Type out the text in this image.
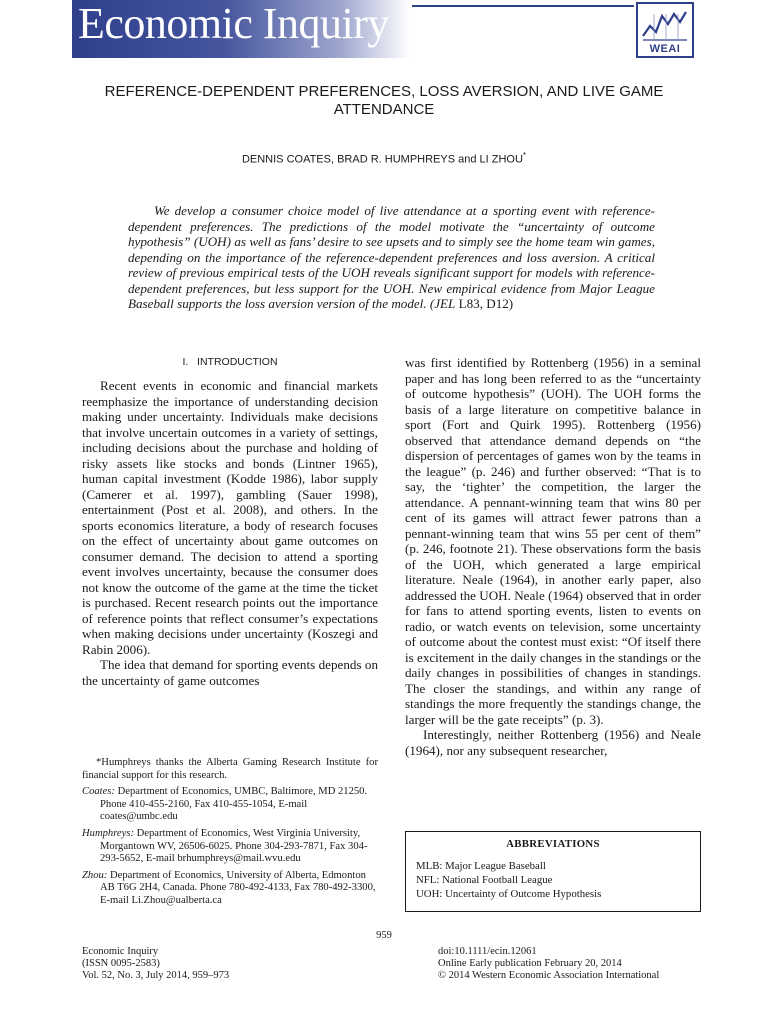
Economic Inquiry
WEAI
REFERENCE-DEPENDENT PREFERENCES, LOSS AVERSION, AND LIVE GAME ATTENDANCE
DENNIS COATES, BRAD R. HUMPHREYS and LI ZHOU*
We develop a consumer choice model of live attendance at a sporting event with reference-dependent preferences. The predictions of the model motivate the “uncertainty of outcome hypothesis” (UOH) as well as fans’ desire to see upsets and to simply see the home team win games, depending on the importance of the reference-dependent preferences and loss aversion. A critical review of previous empirical tests of the UOH reveals significant support for models with reference-dependent preferences, but less support for the UOH. New empirical evidence from Major League Baseball supports the loss aversion version of the model. (JEL L83, D12)
I.   INTRODUCTION

Recent events in economic and financial markets reemphasize the importance of understanding decision making under uncertainty. Individuals make decisions that involve uncertain outcomes in a variety of settings, including decisions about the purchase and holding of risky assets like stocks and bonds (Lintner 1965), human capital investment (Kodde 1986), labor supply (Camerer et al. 1997), gambling (Sauer 1998), entertainment (Post et al. 2008), and others. In the sports economics literature, a body of research focuses on the effect of uncertainty about game outcomes on consumer demand. The decision to attend a sporting event involves uncertainty, because the consumer does not know the outcome of the game at the time the ticket is purchased. Recent research points out the importance of reference points that reflect consumer’s expectations when making decisions under uncertainty (Koszegi and Rabin 2006).

The idea that demand for sporting events depends on the uncertainty of game outcomes

was first identified by Rottenberg (1956) in a seminal paper and has long been referred to as the “uncertainty of outcome hypothesis” (UOH). The UOH forms the basis of a large literature on competitive balance in sport (Fort and Quirk 1995). Rottenberg (1956) observed that attendance demand depends on “the dispersion of percentages of games won by the teams in the league” (p. 246) and further observed: “That is to say, the ‘tighter’ the competition, the larger the attendance. A pennant-winning team that wins 80 per cent of its games will attract fewer patrons than a pennant-winning team that wins 55 per cent of them” (p. 246, footnote 21). These observations form the basis of the UOH, which generated a large empirical literature. Neale (1964), in another early paper, also addressed the UOH. Neale (1964) observed that in order for fans to attend sporting events, listen to events on radio, or watch events on television, some uncertainty of outcome about the contest must exist: “Of itself there is excitement in the daily changes in the standings or the daily changes in possibilities of changes in standings. The closer the standings, and within any range of standings the more frequently the standings change, the larger will be the gate receipts” (p. 3).

Interestingly, neither Rottenberg (1956) and Neale (1964), nor any subsequent researcher,

*Humphreys thanks the Alberta Gaming Research Institute for financial support for this research.
Coates: Department of Economics, UMBC, Baltimore, MD 21250. Phone 410-455-2160, Fax 410-455-1054, E-mail coates@umbc.edu
Humphreys: Department of Economics, West Virginia University, Morgantown WV, 26506-6025. Phone 304-293-7871, Fax 304-293-5652, E-mail brhumphreys@mail.wvu.edu
Zhou: Department of Economics, University of Alberta, Edmonton AB T6G 2H4, Canada. Phone 780-492-4133, Fax 780-492-3300, E-mail Li.Zhou@ualberta.ca
ABBREVIATIONS
MLB: Major League Baseball
NFL: National Football League
UOH: Uncertainty of Outcome Hypothesis
959
Economic Inquiry
(ISSN 0095-2583)
Vol. 52, No. 3, July 2014, 959–973
doi:10.1111/ecin.12061
Online Early publication February 20, 2014
© 2014 Western Economic Association International
